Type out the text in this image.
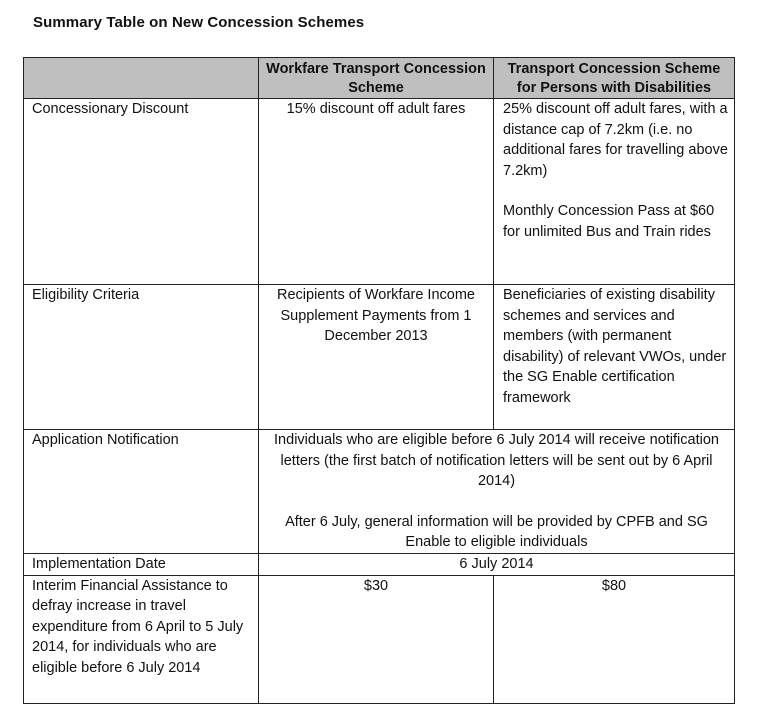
Summary Table on New Concession Schemes
	Workfare Transport Concession Scheme	Transport Concession Scheme for Persons with Disabilities
Concessionary Discount	15% discount off adult fares	25% discount off adult fares, with a distance cap of 7.2km (i.e. no additional fares for travelling above 7.2km)
Monthly Concession Pass at $60 for unlimited Bus and Train rides

Eligibility Criteria	Recipients of Workfare Income Supplement Payments from 1 December 2013	Beneficiaries of existing disability schemes and services and members (with permanent disability) of relevant VWOs, under the SG Enable certification framework
Application Notification	Individuals who are eligible before 6 July 2014 will receive notification letters (the first batch of notification letters will be sent out by 6 April 2014)
After 6 July, general information will be provided by CPFB and SG Enable to eligible individuals	

Implementation Date	6 July 2014	
Interim Financial Assistance to defray increase in travel expenditure from 6 April to 5 July 2014, for individuals who are eligible before 6 July 2014	$30	$80
